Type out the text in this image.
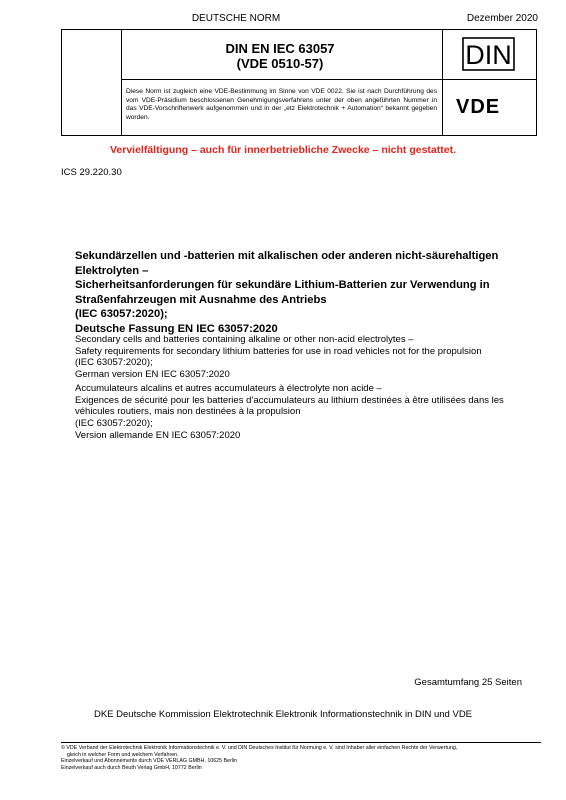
DEUTSCHE NORM	Dezember 2020
DIN EN IEC 63057
(VDE 0510-57)	DIN
VDE
Diese Norm ist zugleich eine VDE-Bestimmung im Sinne von VDE 0022. Sie ist nach Durchführung des vom VDE-Präsidium beschlossenen Genehmigungsverfahrens unter der oben angeführten Nummer in das VDE-Vorschriftenwerk aufgenommen und in der „etz Elektrotechnik + Automation“ bekannt gegeben worden.
Vervielfältigung – auch für innerbetriebliche Zwecke – nicht gestattet.
ICS 29.220.30
Sekundärzellen und -batterien mit alkalischen oder anderen nicht-säurehaltigen
Elektrolyten –
Sicherheitsanforderungen für sekundäre Lithium-Batterien zur Verwendung in
Straßenfahrzeugen mit Ausnahme des Antriebs
(IEC 63057:2020);
Deutsche Fassung EN IEC 63057:2020
Secondary cells and batteries containing alkaline or other non-acid electrolytes –
Safety requirements for secondary lithium batteries for use in road vehicles not for the propulsion
(IEC 63057:2020);
German version EN IEC 63057:2020
Accumulateurs alcalins et autres accumulateurs à électrolyte non acide –
Exigences de sécurité pour les batteries d’accumulateurs au lithium destinées à être utilisées dans les
véhicules routiers, mais non destinées à la propulsion
(IEC 63057:2020);
Version allemande EN IEC 63057:2020
Gesamtumfang 25 Seiten
DKE Deutsche Kommission Elektrotechnik Elektronik Informationstechnik in DIN und VDE
© VDE Verband der Elektrotechnik Elektronik Informationstechnik e. V. und DIN Deutsches Institut für Normung e. V. sind Inhaber aller einfachen Rechte der Verwertung,
gleich in welcher Form und welchem Verfahren.
Einzelverkauf und Abonnements durch VDE VERLAG GMBH, 10625 Berlin
Einzelverkauf auch durch Beuth Verlag GmbH, 10772 Berlin
